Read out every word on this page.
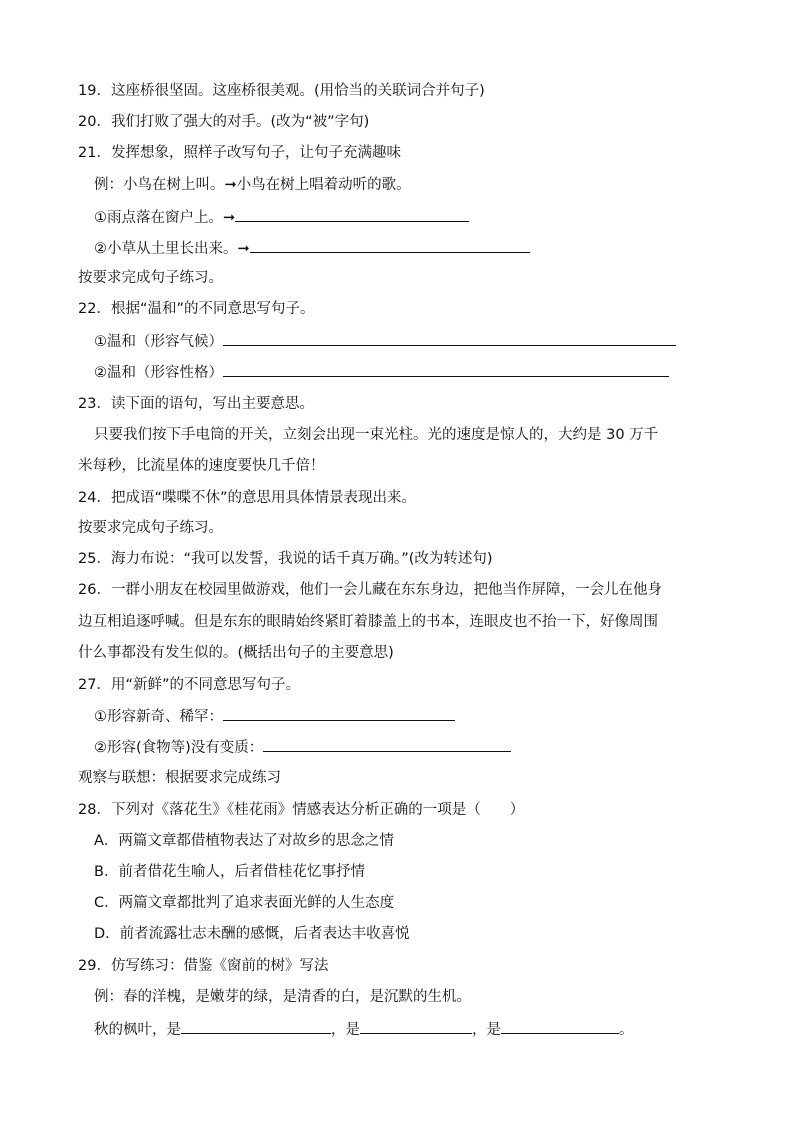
19．这座桥很坚固。这座桥很美观。(用恰当的关联词合并句子)
20．我们打败了强大的对手。(改为“被”字句)
21．发挥想象，照样子改写句子，让句子充满趣味
例：小鸟在树上叫。➞小鸟在树上唱着动听的歌。
①雨点落在窗户上。➞
②小草从土里长出来。➞
按要求完成句子练习。
22．根据“温和”的不同意思写句子。
①温和（形容气候）
②温和（形容性格）
23．读下面的语句，写出主要意思。
只要我们按下手电筒的开关，立刻会出现一束光柱。光的速度是惊人的，大约是 30 万千
米每秒，比流星体的速度要快几千倍！
24．把成语“喋喋不休”的意思用具体情景表现出来。
按要求完成句子练习。
25．海力布说：“我可以发誓，我说的话千真万确。”(改为转述句)
26．一群小朋友在校园里做游戏，他们一会儿藏在东东身边，把他当作屏障，一会儿在他身
边互相追逐呼喊。但是东东的眼睛始终紧盯着膝盖上的书本，连眼皮也不抬一下，好像周围
什么事都没有发生似的。(概括出句子的主要意思)
27．用“新鲜”的不同意思写句子。
①形容新奇、稀罕：
②形容(食物等)没有变质：
观察与联想：根据要求完成练习
28．下列对《落花生》《桂花雨》情感表达分析正确的一项是（　　）
A．两篇文章都借植物表达了对故乡的思念之情
B．前者借花生喻人，后者借桂花忆事抒情
C．两篇文章都批判了追求表面光鲜的人生态度
D．前者流露壮志未酬的感慨，后者表达丰收喜悦
29．仿写练习：借鉴《窗前的树》写法
例：春的洋槐，是嫩芽的绿，是清香的白，是沉默的生机。
秋的枫叶，是	，是	，是	。
